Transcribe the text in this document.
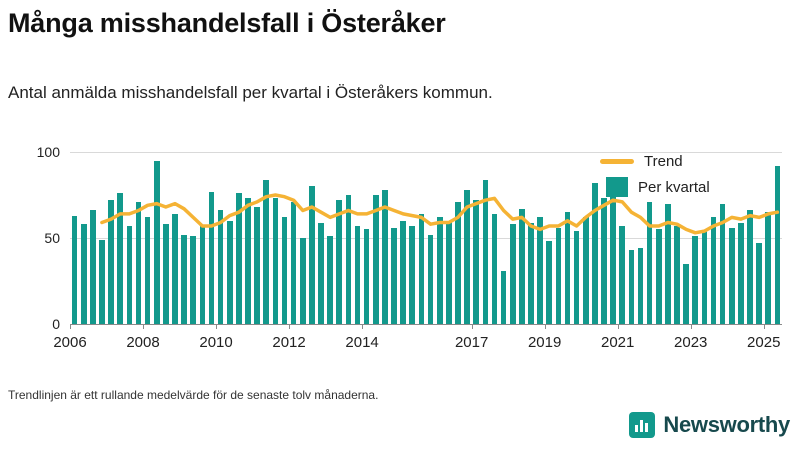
Många misshandelsfall i Österåker
Antal anmälda misshandelsfall per kvartal i Österåkers kommun.
0
50
100
2006	2008	2010	2012	2014	2017	2019	2021	2023	2025
Trend
Per kvartal
Trendlinjen är ett rullande medelvärde för de senaste tolv månaderna.
Newsworthy
